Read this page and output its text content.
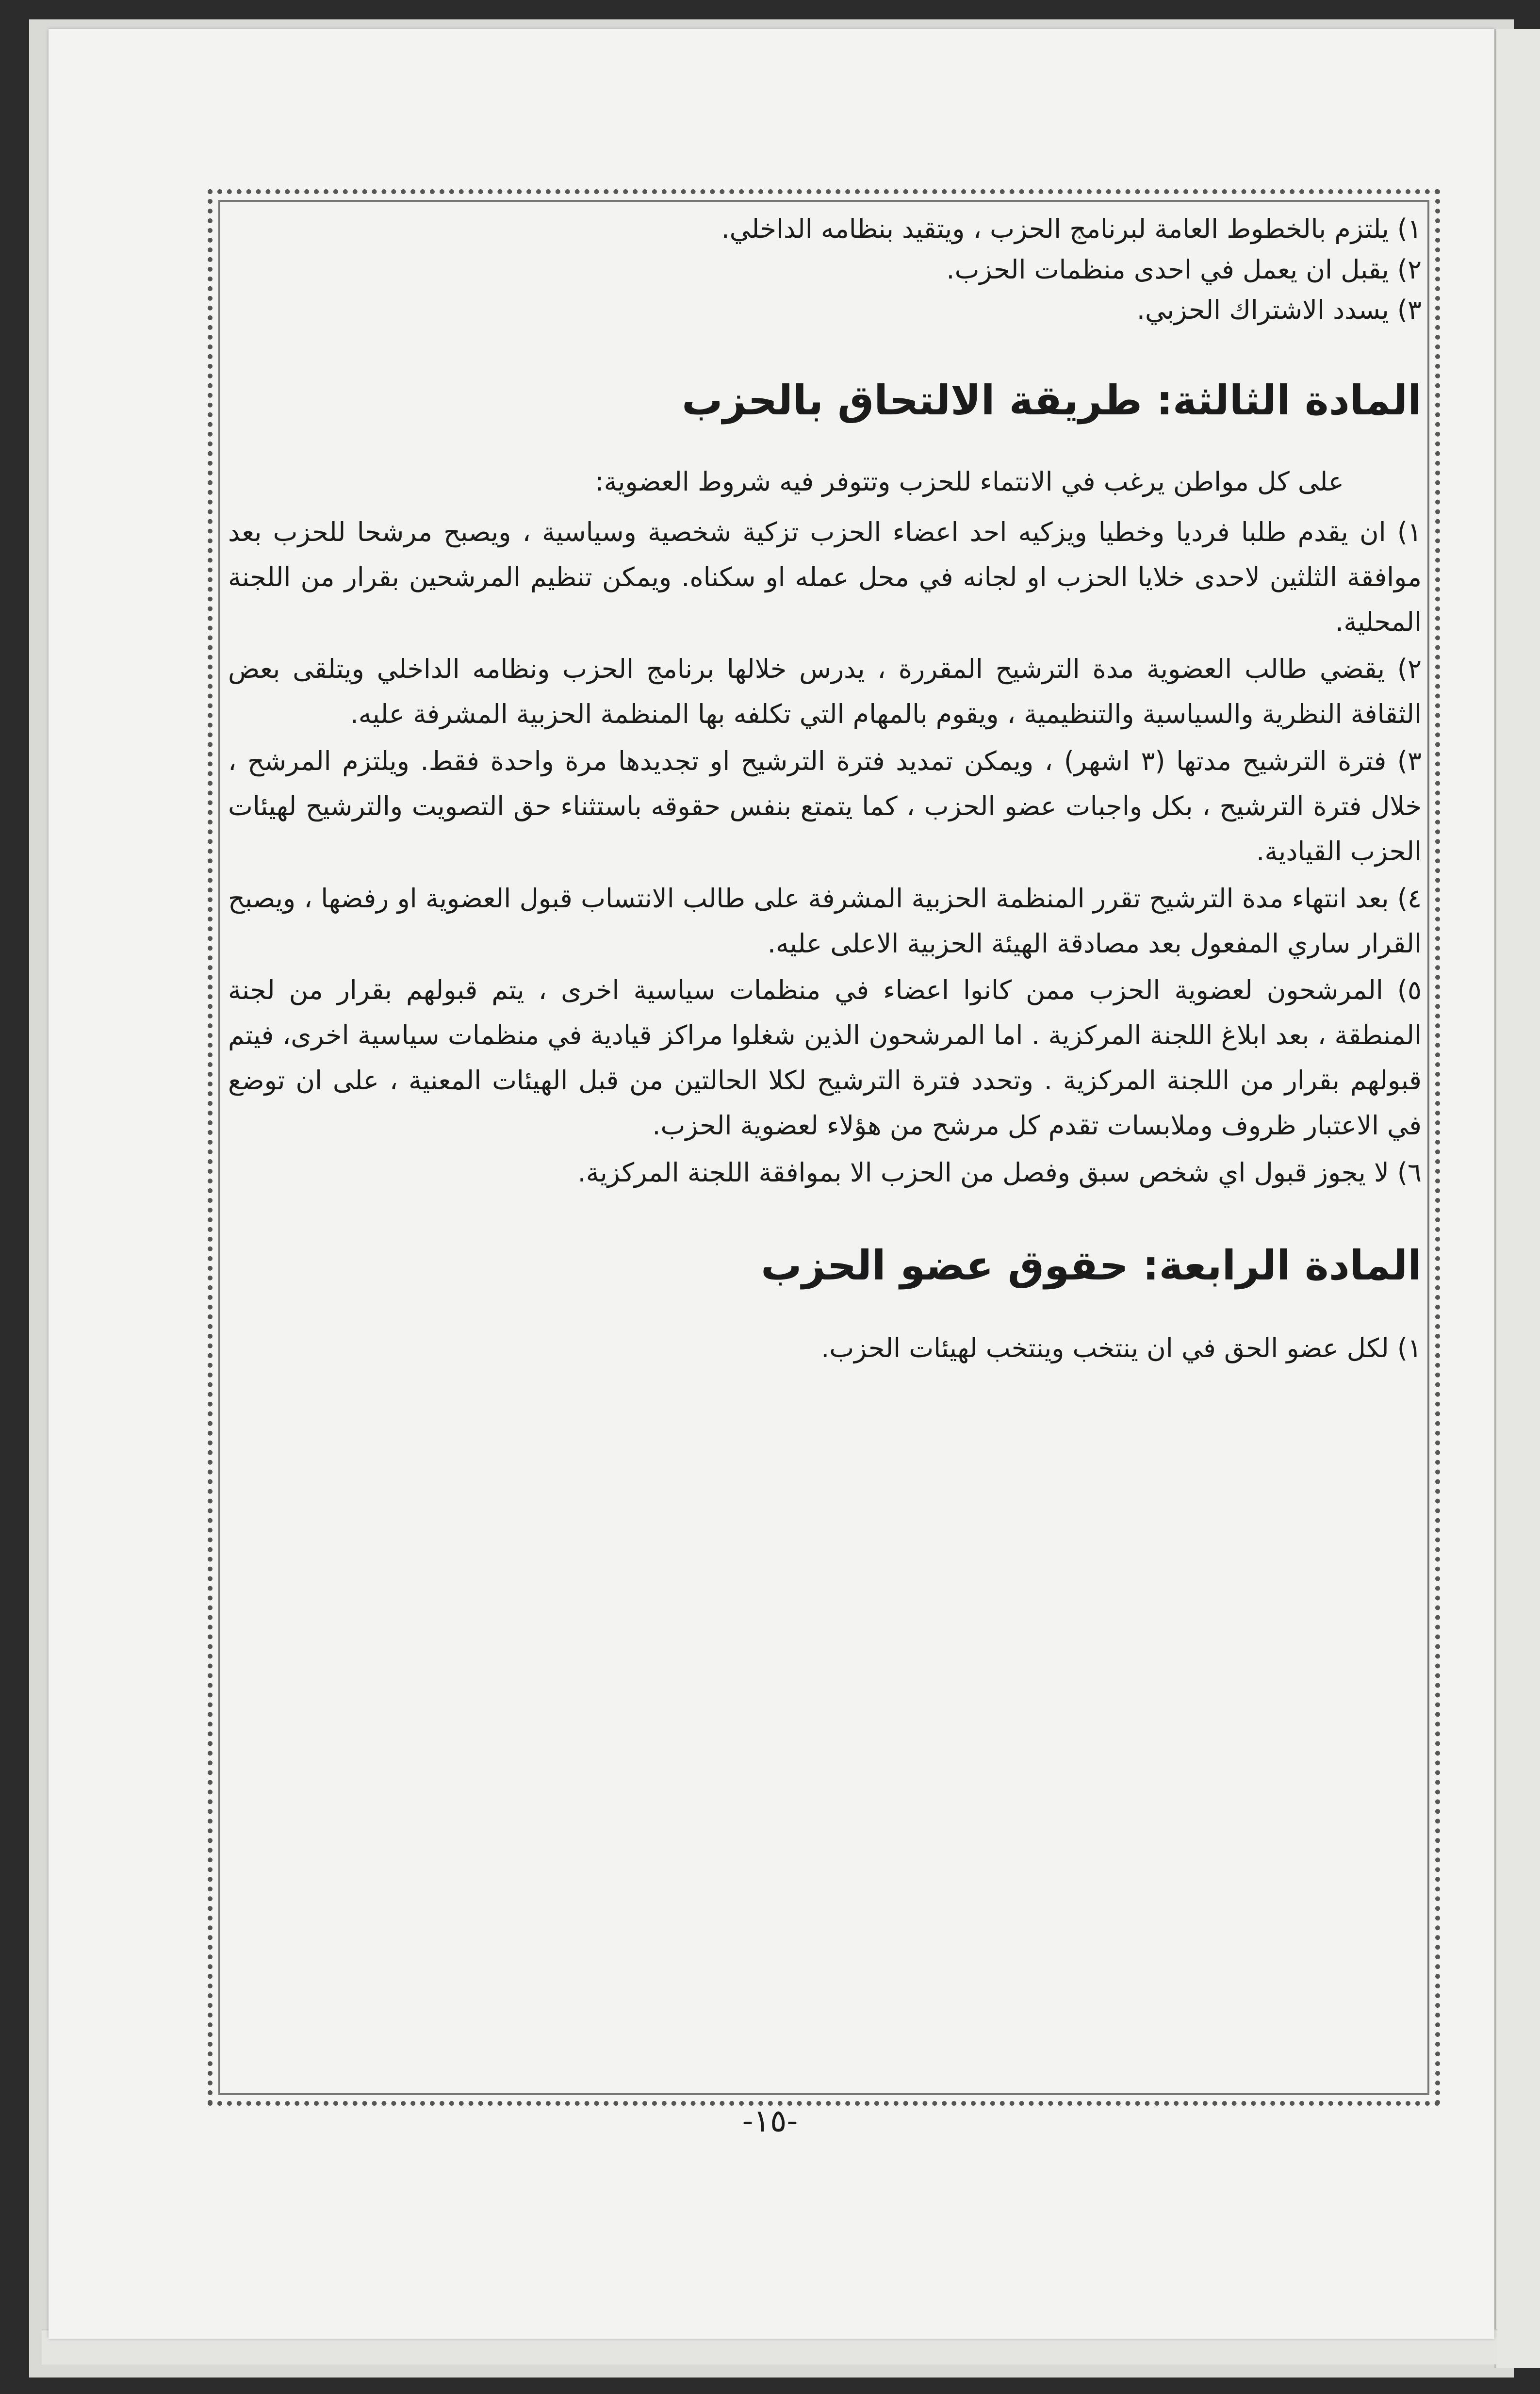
١) يلتزم بالخطوط العامة لبرنامج الحزب ، ويتقيد بنظامه الداخلي.

٢) يقبل ان يعمل في احدى منظمات الحزب.

٣) يسدد الاشتراك الحزبي.

المادة الثالثة: طريقة الالتحاق بالحزب

على كل مواطن يرغب في الانتماء للحزب وتتوفر فيه شروط العضوية:

١) ان يقدم طلبا فرديا وخطيا ويزكيه احد اعضاء الحزب تزكية شخصية وسياسية ، ويصبح مرشحا للحزب بعد موافقة الثلثين لاحدى خلايا الحزب او لجانه في محل عمله او سكناه. ويمكن تنظيم المرشحين بقرار من اللجنة المحلية.

٢) يقضي طالب العضوية مدة الترشيح المقررة ، يدرس خلالها برنامج الحزب ونظامه الداخلي ويتلقى بعض الثقافة النظرية والسياسية والتنظيمية ، ويقوم بالمهام التي تكلفه بها المنظمة الحزبية المشرفة عليه.

٣) فترة الترشيح مدتها (٣ اشهر) ، ويمكن تمديد فترة الترشيح او تجديدها مرة واحدة فقط. ويلتزم المرشح ، خلال فترة الترشيح ، بكل واجبات عضو الحزب ، كما يتمتع بنفس حقوقه باستثناء حق التصويت والترشيح لهيئات الحزب القيادية.

٤) بعد انتهاء مدة الترشيح تقرر المنظمة الحزبية المشرفة على طالب الانتساب قبول العضوية او رفضها ، ويصبح القرار ساري المفعول بعد مصادقة الهيئة الحزبية الاعلى عليه.

٥) المرشحون لعضوية الحزب ممن كانوا اعضاء في منظمات سياسية اخرى ، يتم قبولهم بقرار من لجنة المنطقة ، بعد ابلاغ اللجنة المركزية . اما المرشحون الذين شغلوا مراكز قيادية في منظمات سياسية اخرى، فيتم قبولهم بقرار من اللجنة المركزية . وتحدد فترة الترشيح لكلا الحالتين من قبل الهيئات المعنية ، على ان توضع في الاعتبار ظروف وملابسات تقدم كل مرشح من هؤلاء لعضوية الحزب.

٦) لا يجوز قبول اي شخص سبق وفصل من الحزب الا بموافقة اللجنة المركزية.

المادة الرابعة: حقوق عضو الحزب

١) لكل عضو الحق في ان ينتخب وينتخب لهيئات الحزب.

-١٥-
